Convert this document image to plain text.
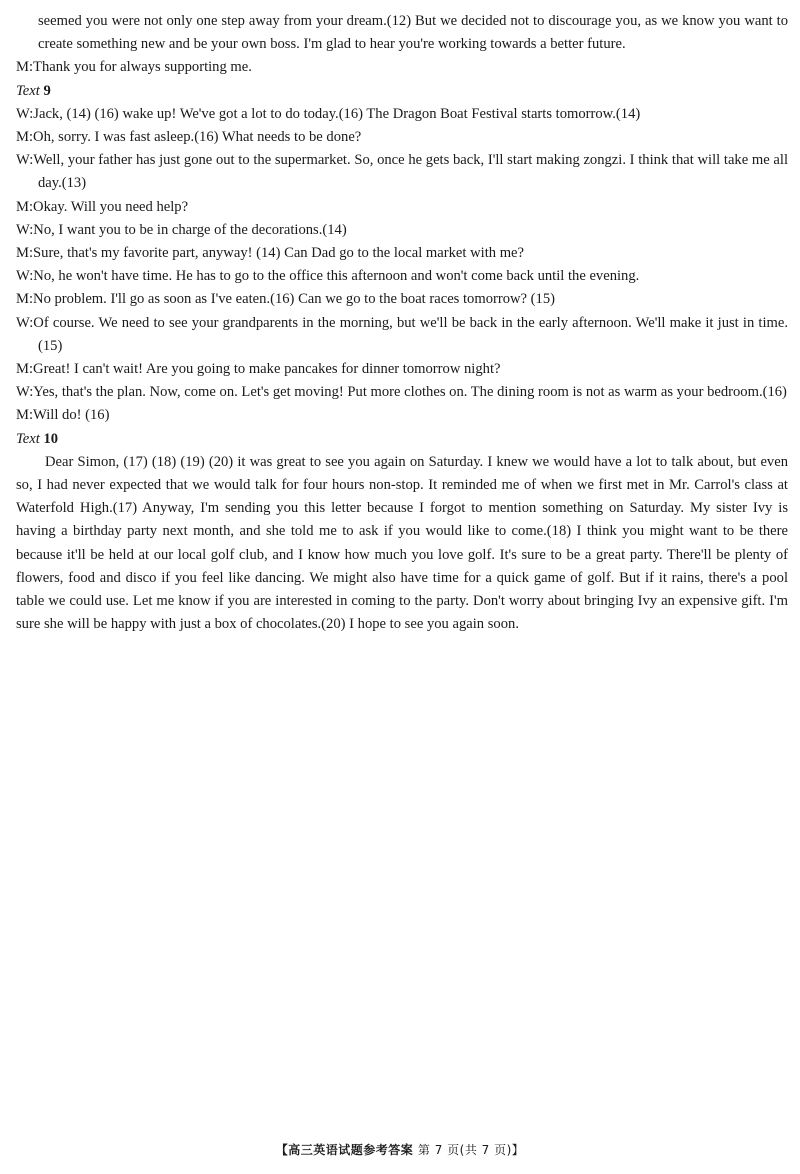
seemed you were not only one step away from your dream.(12) But we decided not to discourage you, as we know you want to create something new and be your own boss. I'm glad to hear you're working towards a better future.
M:Thank you for always supporting me.
Text 9
W:Jack, (14) (16) wake up! We've got a lot to do today.(16) The Dragon Boat Festival starts tomorrow.(14)
M:Oh, sorry. I was fast asleep.(16) What needs to be done?
W:Well, your father has just gone out to the supermarket. So, once he gets back, I'll start making zongzi. I think that will take me all day.(13)
M:Okay. Will you need help?
W:No, I want you to be in charge of the decorations.(14)
M:Sure, that's my favorite part, anyway! (14) Can Dad go to the local market with me?
W:No, he won't have time. He has to go to the office this afternoon and won't come back until the evening.
M:No problem. I'll go as soon as I've eaten.(16) Can we go to the boat races tomorrow? (15)
W:Of course. We need to see your grandparents in the morning, but we'll be back in the early afternoon. We'll make it just in time.(15)
M:Great! I can't wait! Are you going to make pancakes for dinner tomorrow night?
W:Yes, that's the plan. Now, come on. Let's get moving! Put more clothes on. The dining room is not as warm as your bedroom.(16)
M:Will do! (16)
Text 10
Dear Simon, (17) (18) (19) (20) it was great to see you again on Saturday. I knew we would have a lot to talk about, but even so, I had never expected that we would talk for four hours non-stop. It reminded me of when we first met in Mr. Carrol's class at Waterfold High.(17) Anyway, I'm sending you this letter because I forgot to mention something on Saturday. My sister Ivy is having a birthday party next month, and she told me to ask if you would like to come.(18) I think you might want to be there because it'll be held at our local golf club, and I know how much you love golf. It's sure to be a great party. There'll be plenty of flowers, food and disco if you feel like dancing. We might also have time for a quick game of golf. But if it rains, there's a pool table we could use. Let me know if you are interested in coming to the party. Don't worry about bringing Ivy an expensive gift. I'm sure she will be happy with just a box of chocolates.(20) I hope to see you again soon.
【高三英语试题参考答案 第 7 页(共 7 页)】
